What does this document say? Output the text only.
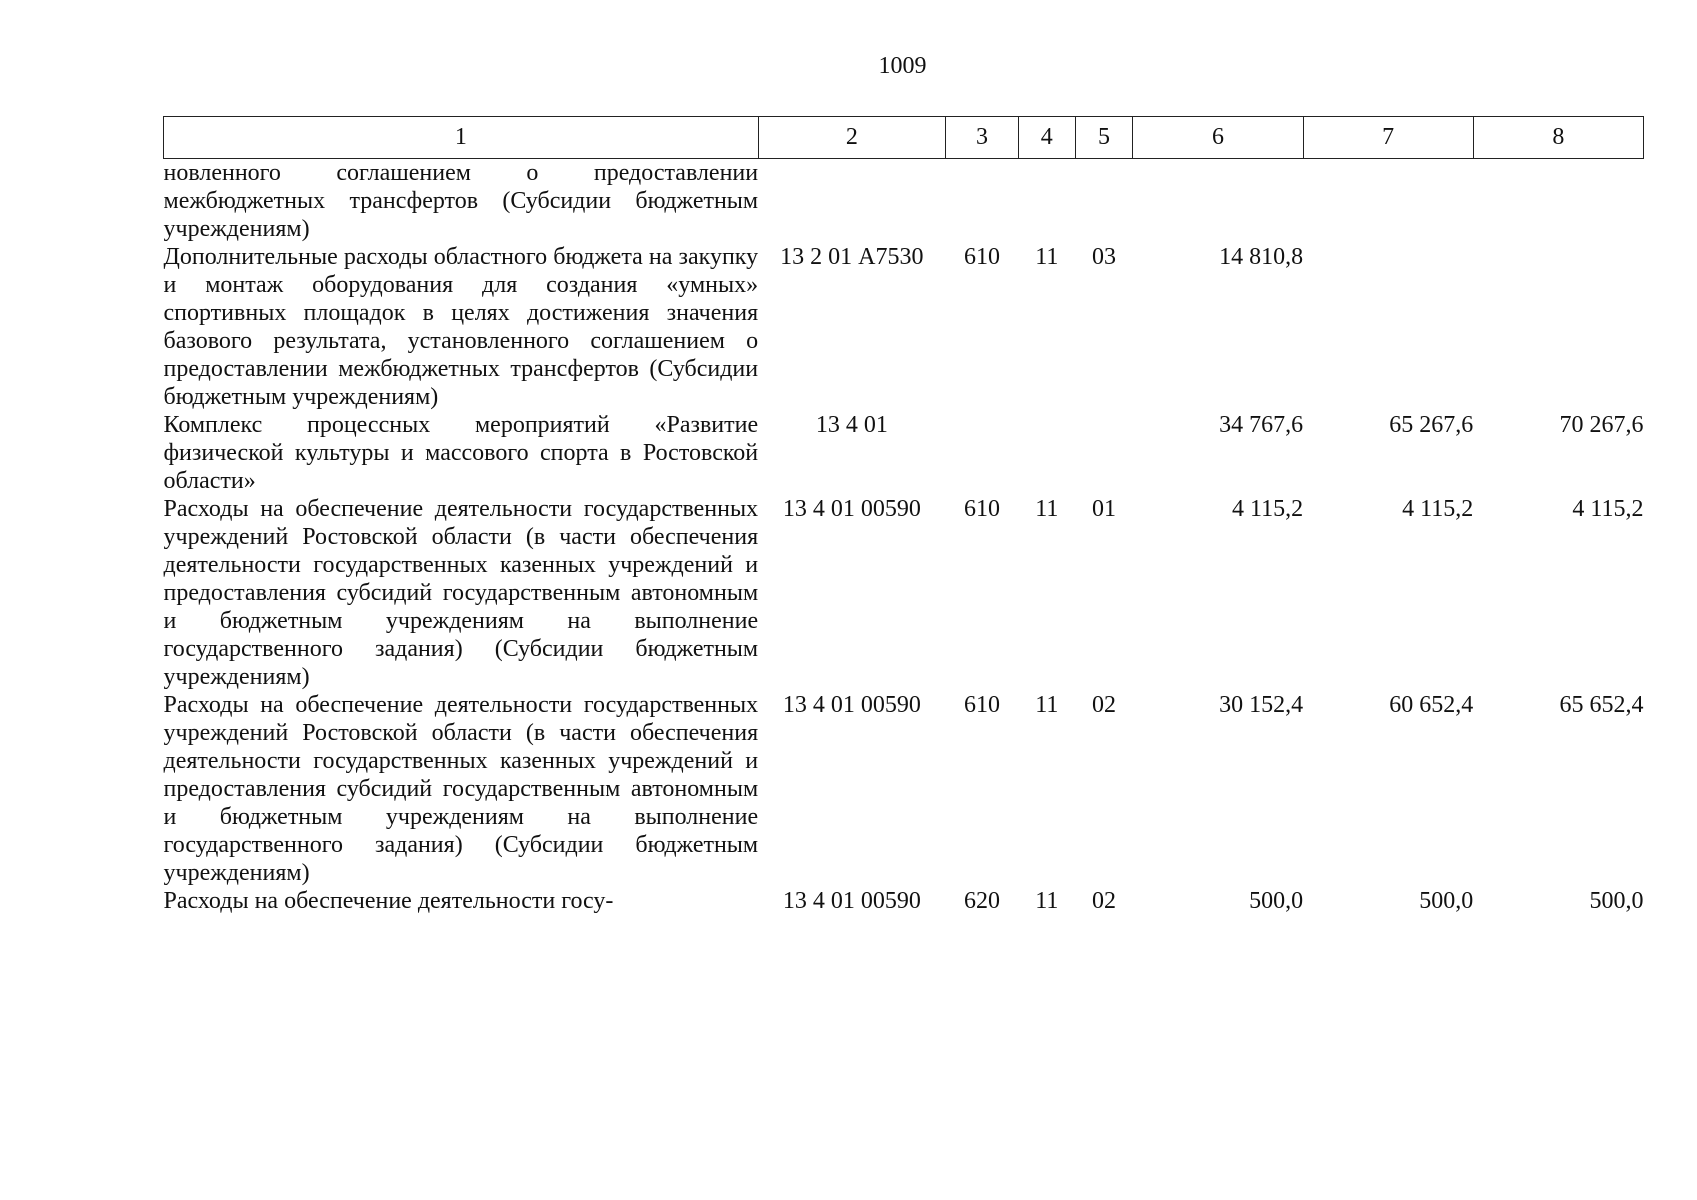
1009
1	2	3	4	5	6	7	8
новленного соглашением о предоставлении межбюджетных трансфертов (Субсидии бюджетным учреждениям)							
Дополнительные расходы областного бюджета на закупку и монтаж оборудования для создания «умных» спортивных площадок в целях достижения значения базового результата, установленного соглашением о предоставлении межбюджетных трансфертов (Субсидии бюджетным учреждениям)	13 2 01 А7530	610	11	03	14 810,8		
Комплекс процессных мероприятий «Развитие физической культуры и массового спорта в Ростовской области»	13 4 01				34 767,6	65 267,6	70 267,6
Расходы на обеспечение деятельности государственных учреждений Ростовской области (в части обеспечения деятельности государственных казенных учреждений и предоставления субсидий государственным автономным и бюджетным учреждениям на выполнение государственного задания) (Субсидии бюджетным учреждениям)	13 4 01 00590	610	11	01	4 115,2	4 115,2	4 115,2
Расходы на обеспечение деятельности государственных учреждений Ростовской области (в части обеспечения деятельности государственных казенных учреждений и предоставления субсидий государственным автономным и бюджетным учреждениям на выполнение государственного задания) (Субсидии бюджетным учреждениям)	13 4 01 00590	610	11	02	30 152,4	60 652,4	65 652,4
Расходы на обеспечение деятельности госу-	13 4 01 00590	620	11	02	500,0	500,0	500,0
